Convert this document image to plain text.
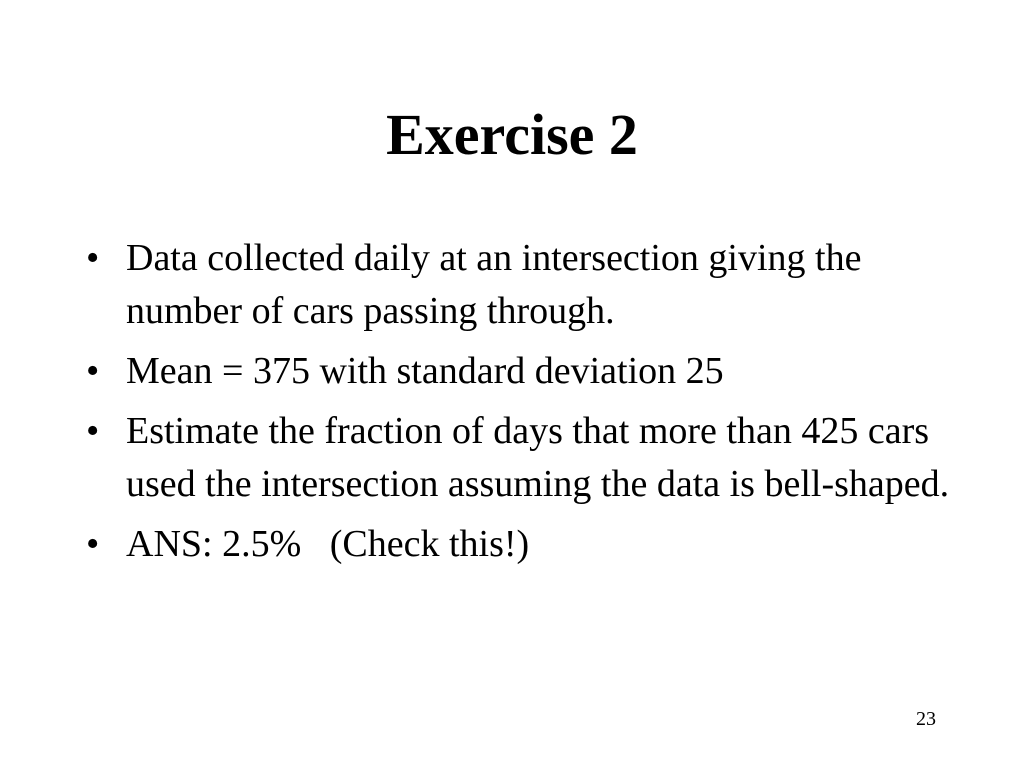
Exercise 2
• Data collected daily at an intersection giving the number of cars passing through.
• Mean = 375 with standard deviation 25
• Estimate the fraction of days that more than 425 cars used the intersection assuming the data is bell-shaped.
• ANS: 2.5%   (Check this!)
23
